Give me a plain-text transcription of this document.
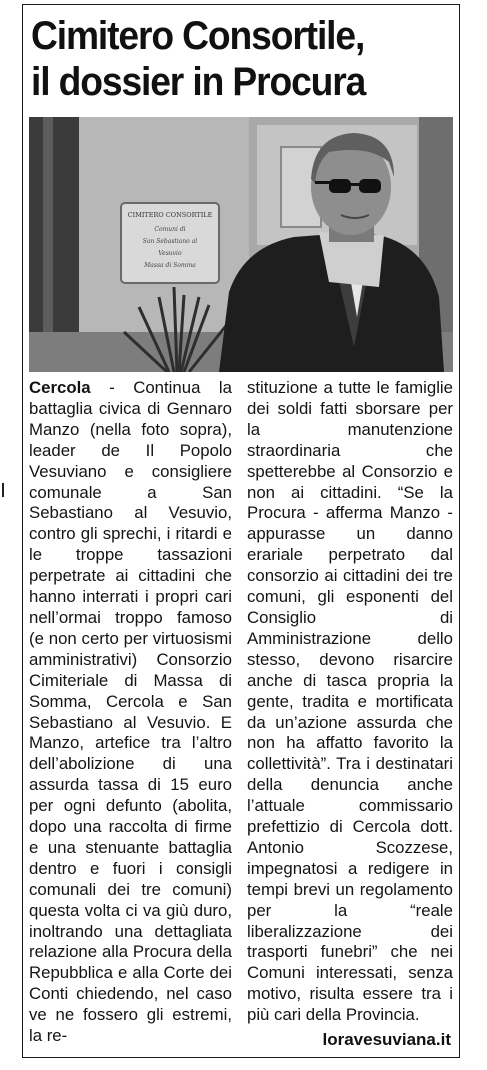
Cimitero Consortile,
il dossier in Procura
CIMITERO CONSORTILE
Comuni di
San Sebastiano al
Vesuvio
Massa di Somma

Cercola - Continua la battaglia civica di Gennaro Manzo (nella foto sopra), leader de Il Popolo Vesuviano e consigliere comunale a San Sebastiano al Vesuvio, contro gli sprechi, i ritardi e le troppe tassazioni perpetrate ai cittadini che hanno interrati i propri cari nell’ormai troppo famoso (e non certo per virtuosismi amministrativi) Consorzio Cimiteriale di Massa di Somma, Cercola e San Sebastiano al Vesuvio. E Manzo, artefice tra l’altro dell’abolizione di una assurda tassa di 15 euro per ogni defunto (abolita, dopo una raccolta di firme e una stenuante battaglia dentro e fuori i consigli comunali dei tre comuni) questa volta ci va giù duro, inoltrando una dettagliata relazione alla Procura della Repubblica e alla Corte dei Conti chiedendo, nel caso ve ne fossero gli estremi, la re-

stituzione a tutte le famiglie dei soldi fatti sborsare per la manutenzione straordinaria che spetterebbe al Consorzio e non ai cittadini. “Se la Procura - afferma Manzo - appurasse un danno erariale perpetrato dal consorzio ai cittadini dei tre comuni, gli esponenti del Consiglio di Amministrazione dello stesso, devono risarcire anche di tasca propria la gente, tradita e mortificata da un’azione assurda che non ha affatto favorito la collettività”. Tra i destinatari della denuncia anche l’attuale commissario prefettizio di Cercola dott. Antonio Scozzese, impegnatosi a redigere in tempi brevi un regolamento per la “reale liberalizzazione dei trasporti funebri” che nei Comuni interessati, senza motivo, risulta essere tra i più cari della Provincia.

loravesuviana.it
